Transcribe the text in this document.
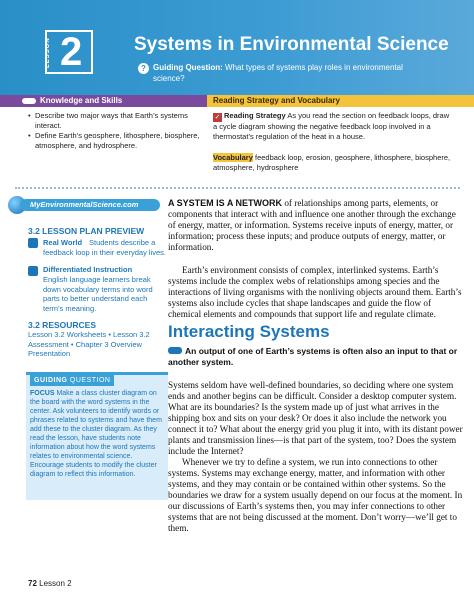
LESSON 2	Systems in Environmental Science
? Guiding Question: What types of systems play roles in environmental science?
Knowledge and Skills	Reading Strategy and Vocabulary
• Describe two major ways that Earth’s systems interact.
• Define Earth’s geosphere, lithosphere, biosphere, atmosphere, and hydrosphere.
✓ Reading Strategy As you read the section on feedback loops, draw a cycle diagram showing the negative feedback loop involved in a thermostat’s regulation of the heat in a house.
Vocabulary feedback loop, erosion, geosphere, lithosphere, biosphere, atmosphere, hydrosphere
MyEnvironmentalScience.com
3.2 LESSON PLAN PREVIEW
Real World Students describe a feedback loop in their everyday lives.
Differentiated Instruction
English language learners break down vocabulary terms into word parts to better understand each term’s meaning.
3.2 RESOURCES
Lesson 3.2 Worksheets • Lesson 3.2 Assessment • Chapter 3 Overview Presentation
GUIDING QUESTION
FOCUS Make a class cluster diagram on the board with the word systems in the center. Ask volunteers to identify words or phrases related to systems and have them add these to the cluster diagram. As they read the lesson, have students note information about how the word systems relates to environmental science. Encourage students to modify the cluster diagram to reflect this information.
A SYSTEM IS A NETWORK of relationships among parts, elements, or components that interact with and influence one another through the exchange of energy, matter, or information. Systems receive inputs of energy, matter, or information; process these inputs; and produce outputs of energy, matter, or information.
Earth’s environment consists of complex, interlinked systems. Earth’s systems include the complex webs of relationships among species and the interactions of living organisms with the nonliving objects around them. Earth’s systems also include cycles that shape landscapes and guide the flow of chemical elements and compounds that support life and regulate climate.
Interacting Systems
An output of one of Earth’s systems is often also an input to that or another system.
Systems seldom have well-defined boundaries, so deciding where one system ends and another begins can be difficult. Consider a desktop computer system. What are its boundaries? Is the system made up of just what arrives in the shipping box and sits on your desk? Or does it also include the network you connect it to? What about the energy grid you plug it into, with its distant power plants and transmission lines—is that part of the system, too? Does the system include the Internet?
Whenever we try to define a system, we run into connections to other systems. Systems may exchange energy, matter, and information with other systems, and they may contain or be contained within other systems. So the boundaries we draw for a system usually depend on our focus at the moment. In our discussions of Earth’s systems then, you may infer connections to other systems that are not being discussed at the moment. Don’t worry—we’ll get to them.
72 Lesson 2
